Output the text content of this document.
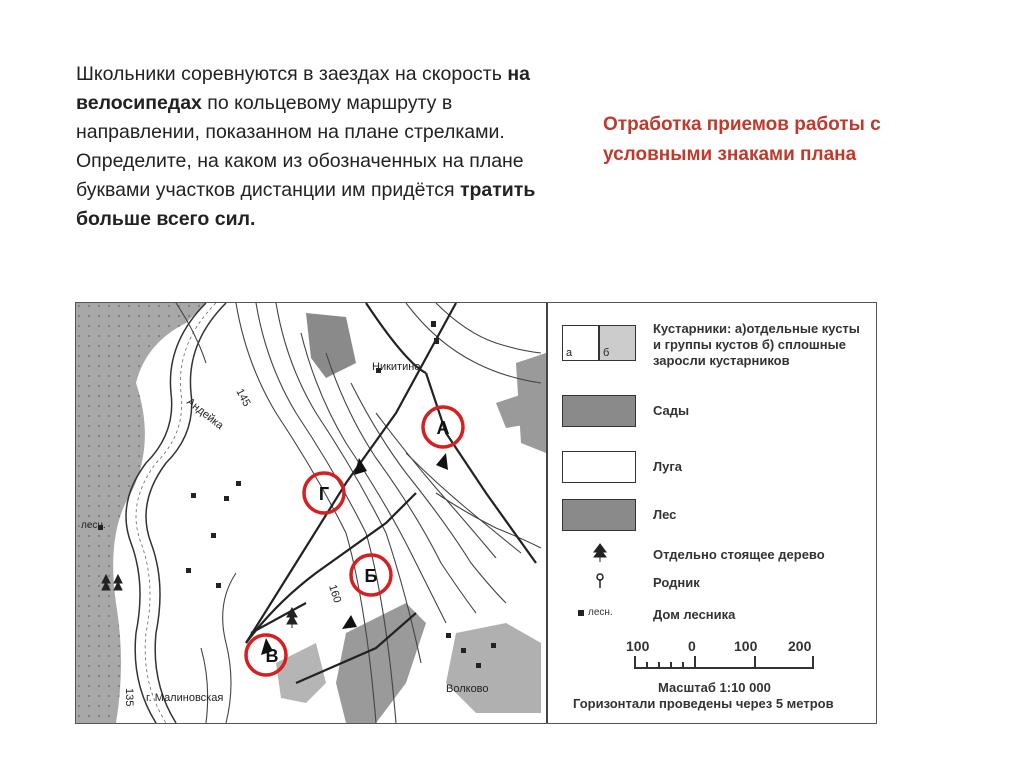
Школьники соревнуются в заездах на скорость на велосипедах по кольцевому маршруту в направлении, показанном на плане стрелками. Определите, на каком из обозначенных на плане буквами участков дистанции им придётся тратить больше всего сил.
Отработка приемов работы с условными знаками плана
Никитино
Волково
г. Малиновская
лесн.
145
160
135
Андейка	А
Г
Б
В
а	б
Кустарники: а)отдельные кусты и группы кустов б) сплошные заросли кустарников
Сады
Луга
Лес
Отдельно стоящее дерево
Родник
лесн.	Дом лесника
100	0	100 200
Масштаб 1:10 000
Горизонтали проведены через 5 метров
